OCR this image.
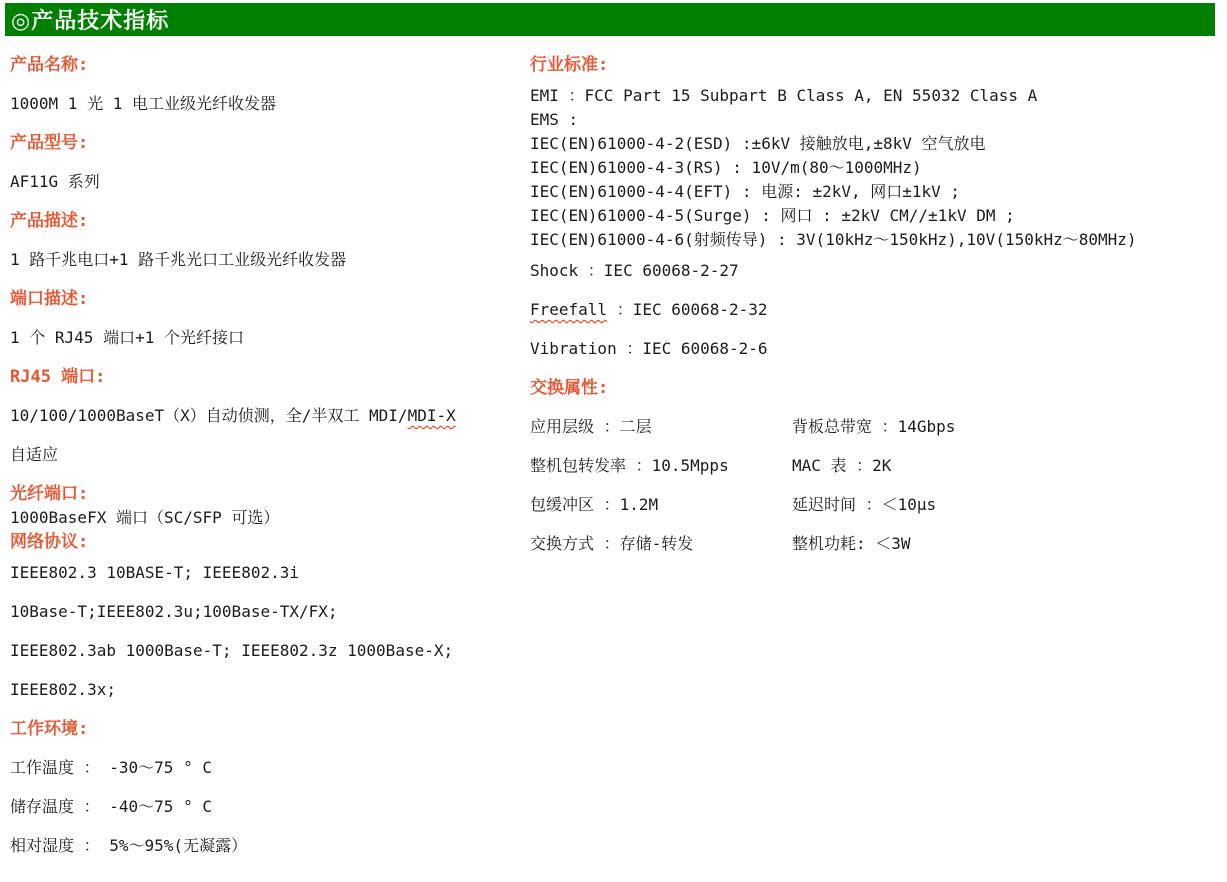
◎产品技术指标
产品名称:
1000M 1 光 1 电工业级光纤收发器
产品型号:
AF11G 系列
产品描述:
1 路千兆电口+1 路千兆光口工业级光纤收发器
端口描述:
1 个 RJ45 端口+1 个光纤接口
RJ45 端口:
10/100/1000BaseT（X）自动侦测，全/半双工 MDI/MDI-X
自适应
光纤端口:
1000BaseFX 端口（SC/SFP 可选）
网络协议:
IEEE802.3 10BASE-T; IEEE802.3i
10Base-T;IEEE802.3u;100Base-TX/FX;
IEEE802.3ab 1000Base-T; IEEE802.3z 1000Base-X;
IEEE802.3x;
工作环境:
工作温度 ： -30～75 ° C
储存温度 ： -40～75 ° C
相对湿度 ： 5%～95%(无凝露）
行业标准:
EMI ：FCC Part 15 Subpart B Class A, EN 55032 Class A
EMS :
IEC(EN)61000-4-2(ESD) :±6kV 接触放电,±8kV 空气放电
IEC(EN)61000-4-3(RS) : 10V/m(80～1000MHz)
IEC(EN)61000-4-4(EFT) : 电源: ±2kV, 网口±1kV ;
IEC(EN)61000-4-5(Surge) : 网口 : ±2kV CM//±1kV DM ;
IEC(EN)61000-4-6(射频传导) : 3V(10kHz～150kHz),10V(150kHz～80MHz)
Shock ：IEC 60068-2-27
Freefall ：IEC 60068-2-32
Vibration ：IEC 60068-2-6
交换属性:
应用层级 ：二层	背板总带宽 ：14Gbps
整机包转发率 ：10.5Mpps	MAC 表 ：2K
包缓冲区 ：1.2M	延迟时间 ：＜10μs
交换方式 ：存储-转发	整机功耗: ＜3W
